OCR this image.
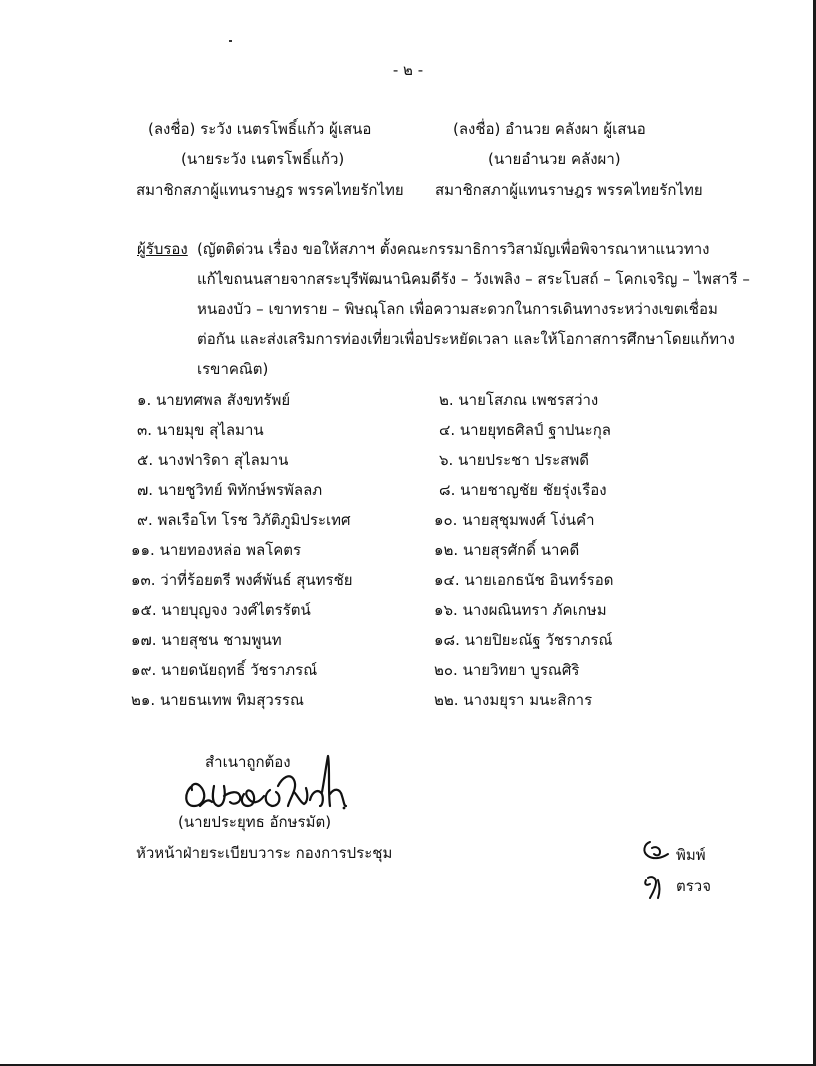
- ๒ -
(ลงชื่อ) ระวัง เนตรโพธิ์แก้ว ผู้เสนอ
(นายระวัง เนตรโพธิ์แก้ว)
สมาชิกสภาผู้แทนราษฎร พรรคไทยรักไทย
(ลงชื่อ) อำนวย คลังผา ผู้เสนอ
(นายอำนวย คลังผา)
สมาชิกสภาผู้แทนราษฎร พรรคไทยรักไทย
ผู้รับรอง (ญัตติด่วน เรื่อง ขอให้สภาฯ ตั้งคณะกรรมาธิการวิสามัญเพื่อพิจารณาหาแนวทาง
แก้ไขถนนสายจากสระบุรีพัฒนานิคมดีรัง – วังเพลิง – สระโบสถ์ – โคกเจริญ – ไพสารี –
หนองบัว – เขาทราย – พิษณุโลก เพื่อความสะดวกในการเดินทางระหว่างเขตเชื่อม
ต่อกัน และส่งเสริมการท่องเที่ยวเพื่อประหยัดเวลา และให้โอกาสการศึกษาโดยแก้ทาง
เรขาคณิต)
๑. นายทศพล สังขทรัพย์	๒. นายโสภณ เพชรสว่าง
๓. นายมุข สุไลมาน	๔. นายยุทธศิลป์ ฐาปนะกุล
๕. นางฟาริดา สุไลมาน	๖. นายประชา ประสพดี
๗. นายชูวิทย์ พิทักษ์พรพัลลภ	๘. นายชาญชัย ชัยรุ่งเรือง
๙. พลเรือโท โรช วิภัติภูมิประเทศ	๑๐. นายสุชุมพงศ์ โง่นคำ
๑๑. นายทองหล่อ พลโคตร	๑๒. นายสุรศักดิ์ นาคดี
๑๓. ว่าที่ร้อยตรี พงศ์พันธ์ สุนทรชัย	๑๔. นายเอกธนัช อินทร์รอด
๑๕. นายบุญจง วงศ์ไตรรัตน์	๑๖. นางผณินทรา ภัคเกษม
๑๗. นายสุชน ชามพูนท	๑๘. นายปิยะณัฐ วัชราภรณ์
๑๙. นายดนัยฤทธิ์ วัชราภรณ์	๒๐. นายวิทยา บูรณศิริ
๒๑. นายธนเทพ ทิมสุวรรณ	๒๒. นางมยุรา มนะสิการ
สำเนาถูกต้อง
(นายประยุทธ อักษรมัต)
หัวหน้าฝ่ายระเบียบวาระ กองการประชุม	พิมพ์
ตรวจ
